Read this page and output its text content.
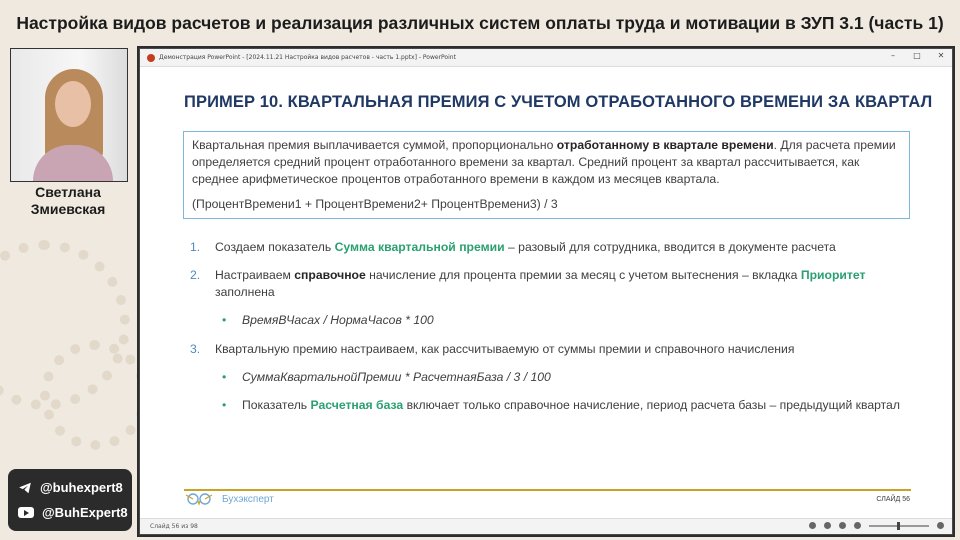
Настройка видов расчетов и реализация различных систем оплаты труда и мотивации в ЗУП 3.1 (часть 1)
Светлана
Змиевская
@buhexpert8
@BuhExpert8
Демонстрация PowerPoint - [2024.11.21 Настройка видов расчетов - часть 1.pptx] - PowerPoint	–	□ ✕
ПРИМЕР 10. КВАРТАЛЬНАЯ ПРЕМИЯ С УЧЕТОМ ОТРАБОТАННОГО ВРЕМЕНИ ЗА КВАРТАЛ
Квартальная премия выплачивается суммой, пропорционально отработанному в квартале времени. Для расчета премии определяется средний процент отработанного времени за квартал. Средний процент за квартал рассчитывается, как среднее арифметическое процентов отработанного времени в каждом из месяцев квартала.
(ПроцентВремени1 + ПроцентВремени2+ ПроцентВремени3) / 3
1.	Создаем показатель Сумма квартальной премии – разовый для сотрудника, вводится в документе расчета
2.	Настраиваем справочное начисление для процента премии за месяц с учетом вытеснения – вкладка Приоритет заполнена
• ВремяВЧасах / НормаЧасов * 100
3.	Квартальную премию настраиваем, как рассчитываемую от суммы премии и справочного начисления
• СуммаКвартальнойПремии * РасчетнаяБаза / 3 / 100
• Показатель Расчетная база включает только справочное начисление, период расчета базы – предыдущий квартал
Бухэксперт	СЛАЙД 56
Слайд 56 из 98
